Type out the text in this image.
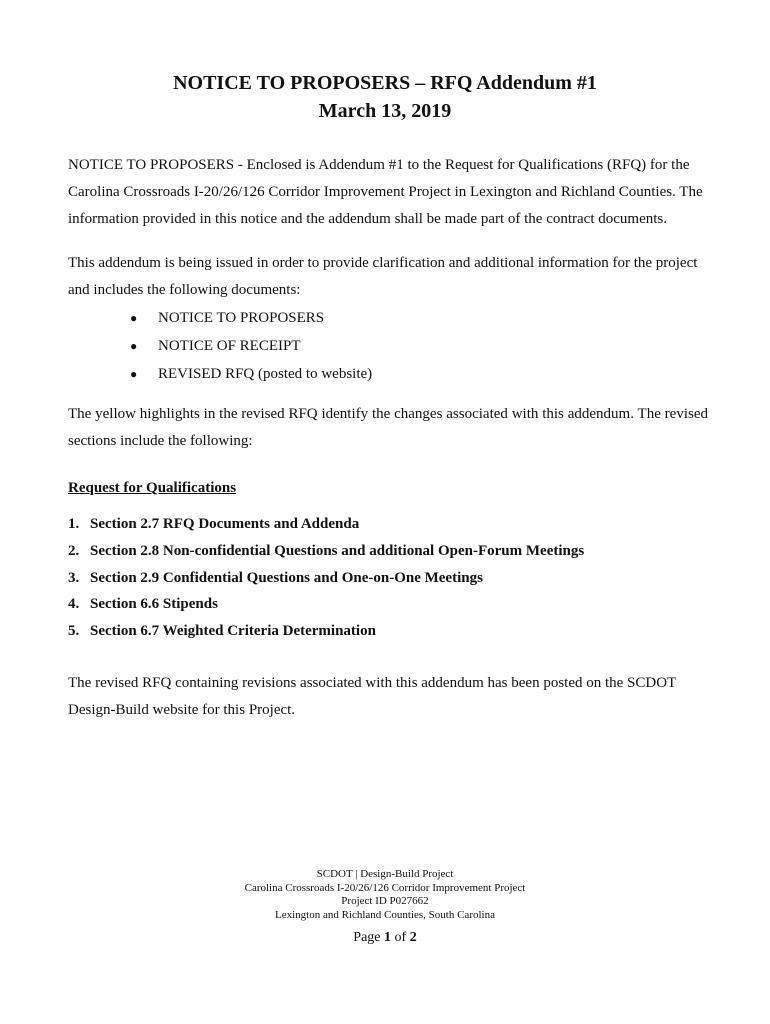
NOTICE TO PROPOSERS – RFQ Addendum #1
March 13, 2019

NOTICE TO PROPOSERS - Enclosed is Addendum #1 to the Request for Qualifications (RFQ) for the Carolina Crossroads I-20/26/126 Corridor Improvement Project in Lexington and Richland Counties. The information provided in this notice and the addendum shall be made part of the contract documents.

This addendum is being issued in order to provide clarification and additional information for the project and includes the following documents:

● NOTICE TO PROPOSERS
● NOTICE OF RECEIPT
● REVISED RFQ (posted to website)

The yellow highlights in the revised RFQ identify the changes associated with this addendum. The revised sections include the following:

Request for Qualifications
1. Section 2.7 RFQ Documents and Addenda
2. Section 2.8 Non-confidential Questions and additional Open-Forum Meetings
3. Section 2.9 Confidential Questions and One-on-One Meetings
4. Section 6.6 Stipends
5. Section 6.7 Weighted Criteria Determination

The revised RFQ containing revisions associated with this addendum has been posted on the SCDOT Design-Build website for this Project.

SCDOT | Design-Build Project
Carolina Crossroads I-20/26/126 Corridor Improvement Project
Project ID P027662
Lexington and Richland Counties, South Carolina
Page 1 of 2
